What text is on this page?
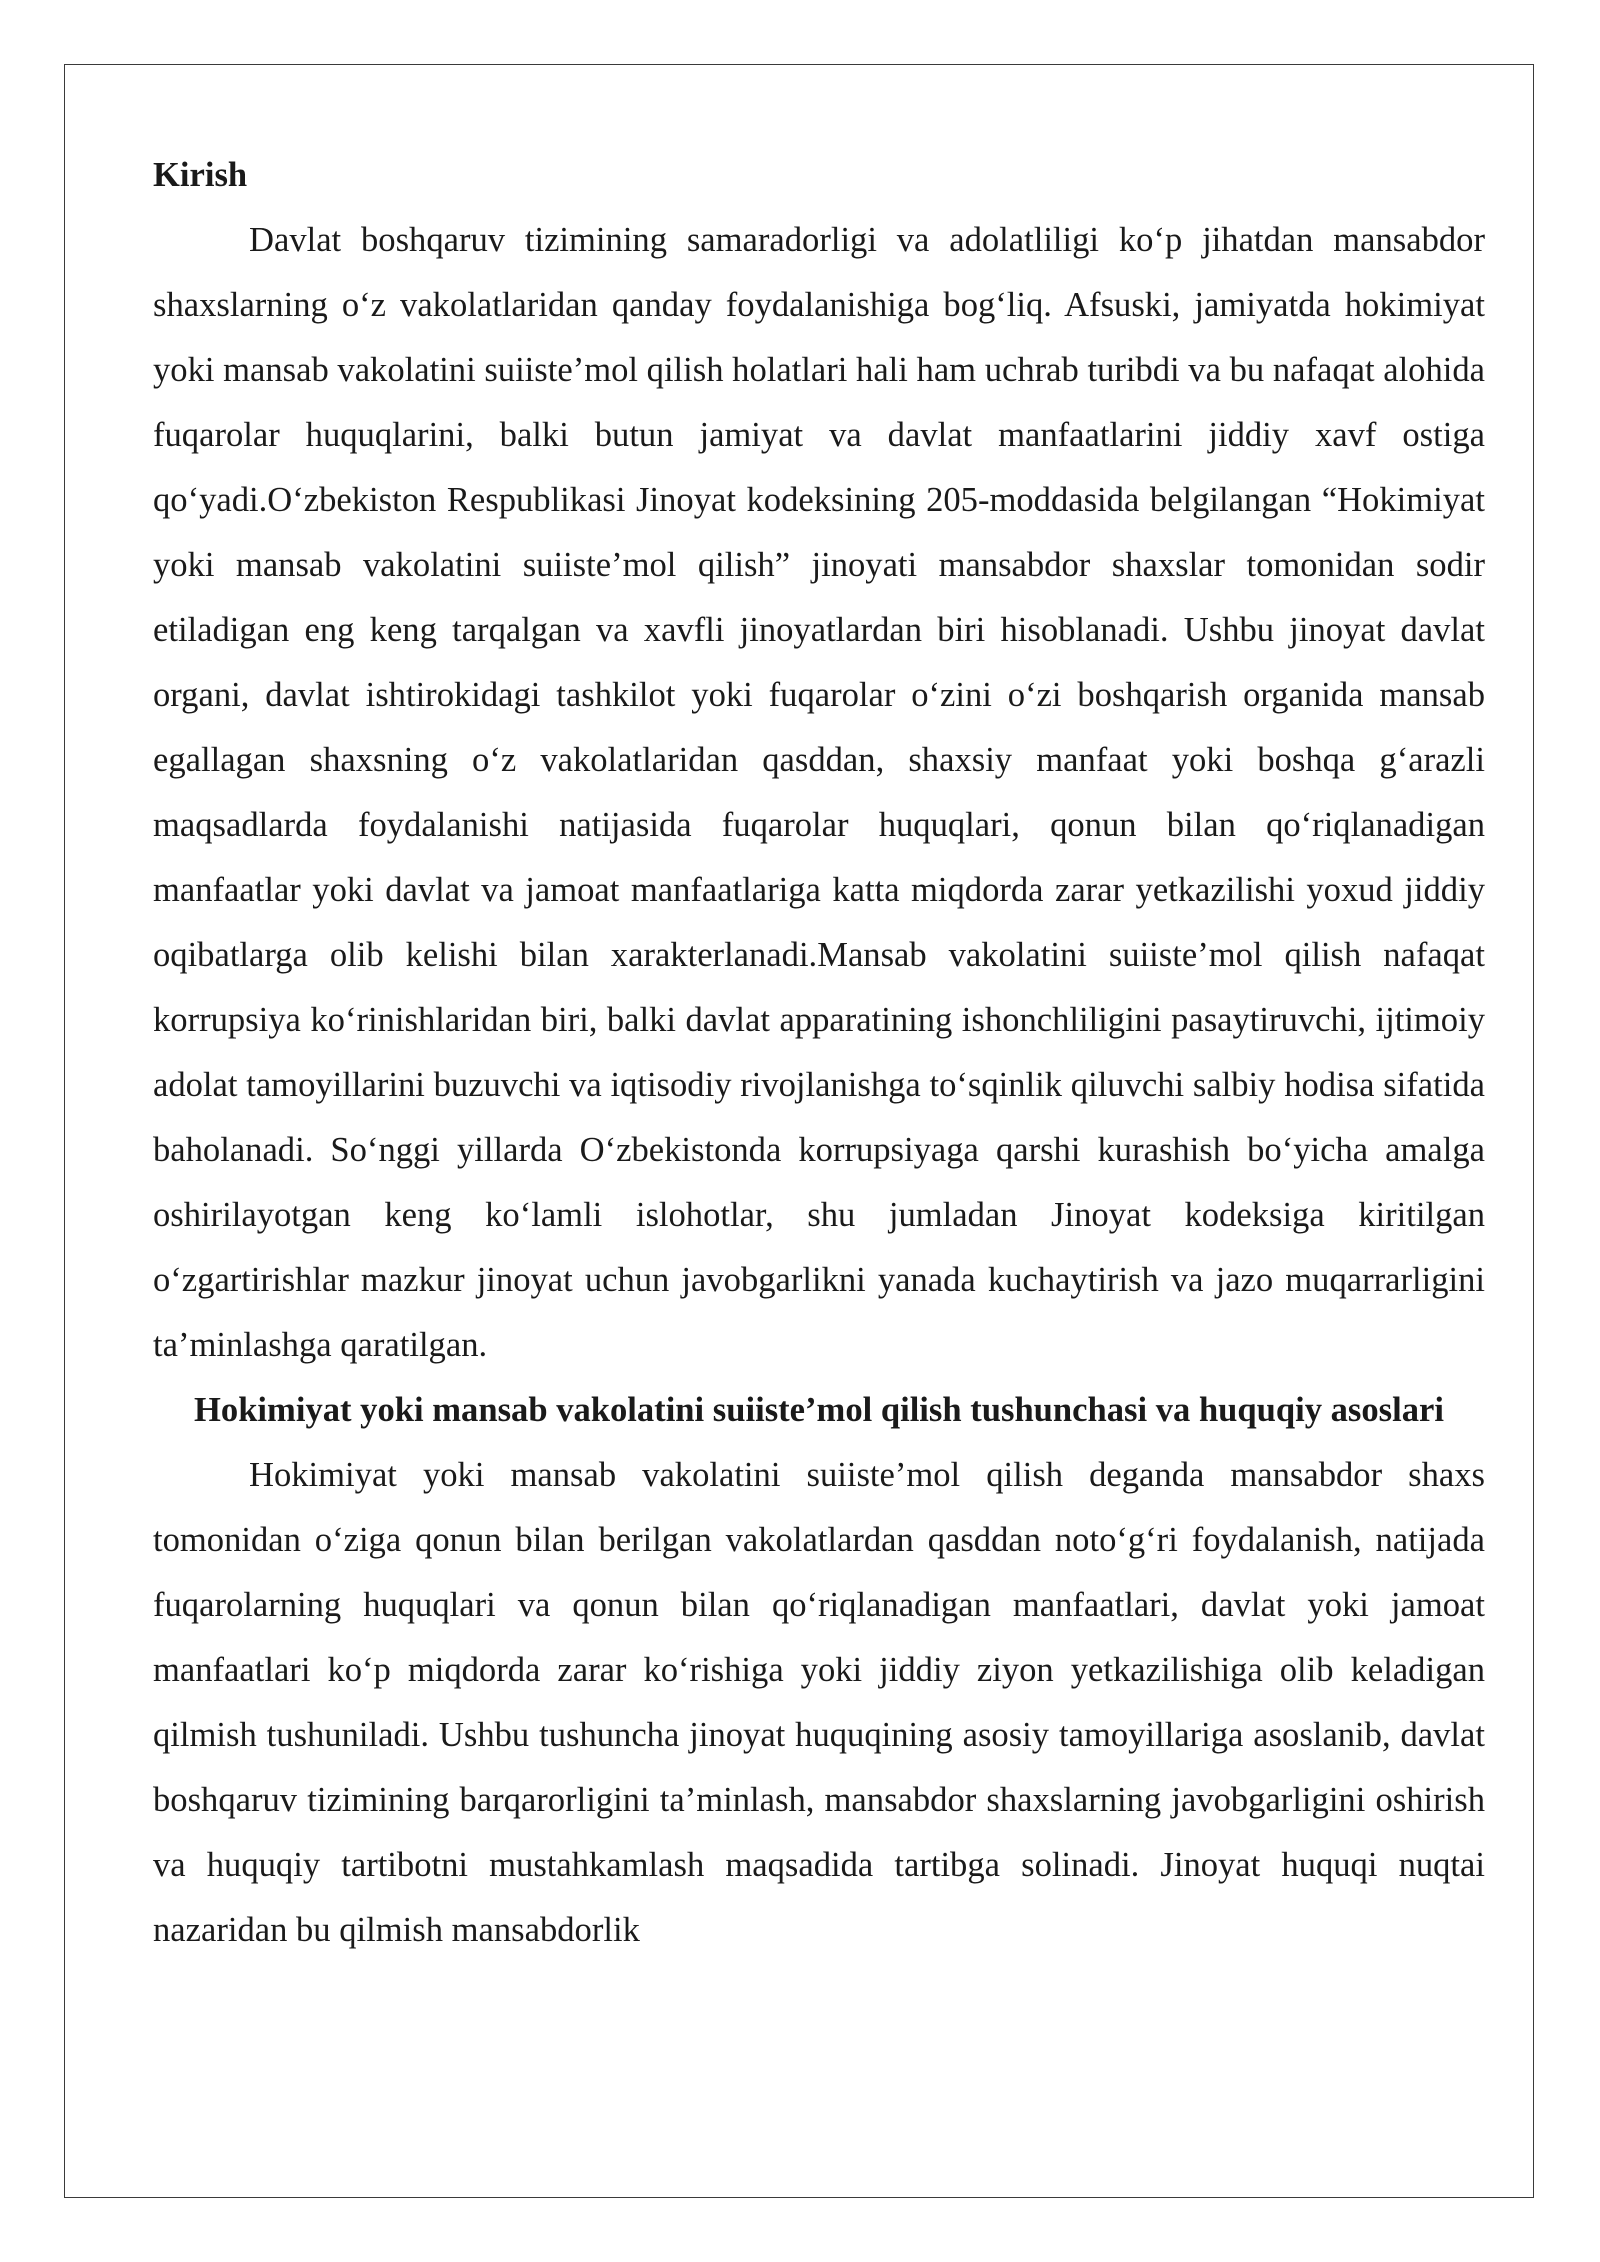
Kirish

Davlat boshqaruv tizimining samaradorligi va adolatliligi ko‘p jihatdan mansabdor shaxslarning o‘z vakolatlaridan qanday foydalanishiga bog‘liq. Afsuski, jamiyatda hokimiyat yoki mansab vakolatini suiiste’mol qilish holatlari hali ham uchrab turibdi va bu nafaqat alohida fuqarolar huquqlarini, balki butun jamiyat va davlat manfaatlarini jiddiy xavf ostiga qo‘yadi.O‘zbekiston Respublikasi Jinoyat kodeksining 205-moddasida belgilangan “Hokimiyat yoki mansab vakolatini suiiste’mol qilish” jinoyati mansabdor shaxslar tomonidan sodir etiladigan eng keng tarqalgan va xavfli jinoyatlardan biri hisoblanadi. Ushbu jinoyat davlat organi, davlat ishtirokidagi tashkilot yoki fuqarolar o‘zini o‘zi boshqarish organida mansab egallagan shaxsning o‘z vakolatlaridan qasddan, shaxsiy manfaat yoki boshqa g‘arazli maqsadlarda foydalanishi natijasida fuqarolar huquqlari, qonun bilan qo‘riqlanadigan manfaatlar yoki davlat va jamoat manfaatlariga katta miqdorda zarar yetkazilishi yoxud jiddiy oqibatlarga olib kelishi bilan xarakterlanadi.Mansab vakolatini suiiste’mol qilish nafaqat korrupsiya ko‘rinishlaridan biri, balki davlat apparatining ishonchliligini pasaytiruvchi, ijtimoiy adolat tamoyillarini buzuvchi va iqtisodiy rivojlanishga to‘sqinlik qiluvchi salbiy hodisa sifatida baholanadi. So‘nggi yillarda O‘zbekistonda korrupsiyaga qarshi kurashish bo‘yicha amalga oshirilayotgan keng ko‘lamli islohotlar, shu jumladan Jinoyat kodeksiga kiritilgan o‘zgartirishlar mazkur jinoyat uchun javobgarlikni yanada kuchaytirish va jazo muqarrarligini ta’minlashga qaratilgan.

Hokimiyat yoki mansab vakolatini suiiste’mol qilish tushunchasi va huquqiy asoslari

Hokimiyat yoki mansab vakolatini suiiste’mol qilish deganda mansabdor shaxs tomonidan o‘ziga qonun bilan berilgan vakolatlardan qasddan noto‘g‘ri foydalanish, natijada fuqarolarning huquqlari va qonun bilan qo‘riqlanadigan manfaatlari, davlat yoki jamoat manfaatlari ko‘p miqdorda zarar ko‘rishiga yoki jiddiy ziyon yetkazilishiga olib keladigan qilmish tushuniladi. Ushbu tushuncha jinoyat huquqining asosiy tamoyillariga asoslanib, davlat boshqaruv tizimining barqarorligini ta’minlash, mansabdor shaxslarning javobgarligini oshirish va huquqiy tartibotni mustahkamlash maqsadida tartibga solinadi. Jinoyat huquqi nuqtai nazaridan bu qilmish mansabdorlik
